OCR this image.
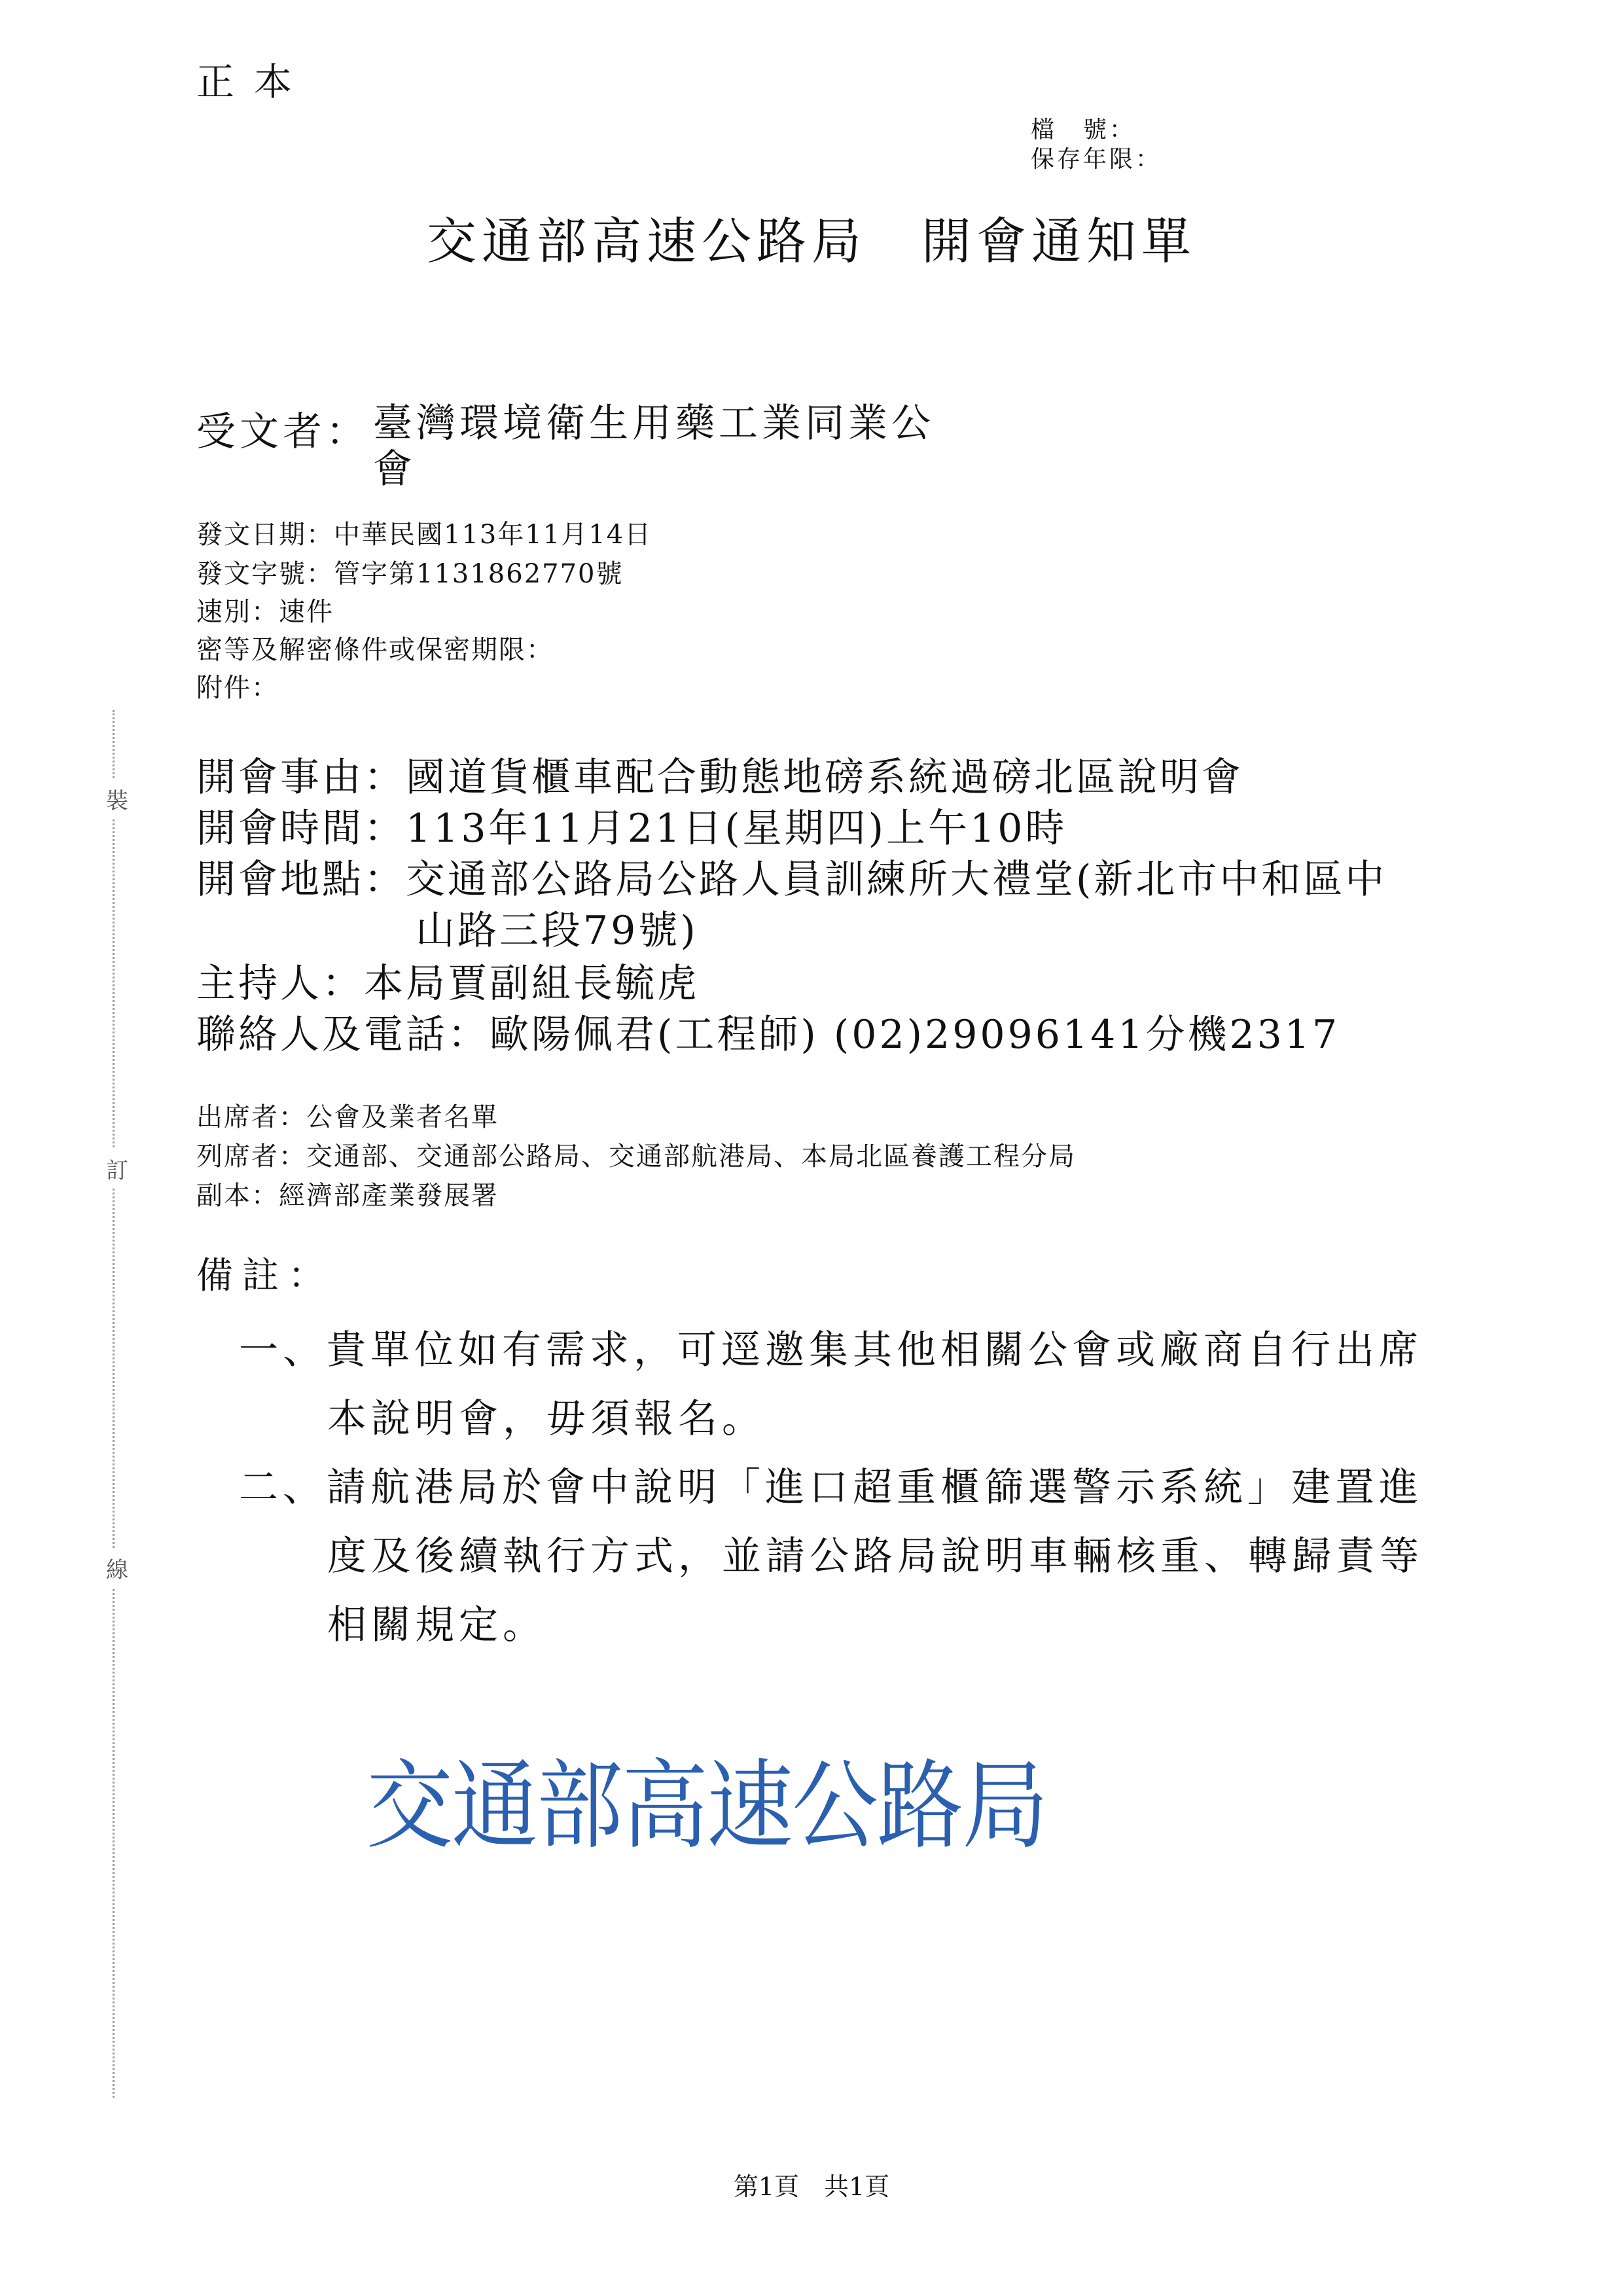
正本
檔　號：
保存年限：
交通部高速公路局　開會通知單
受文者： 臺灣環境衛生用藥工業同業公會
發文日期：中華民國113年11月14日
發文字號：管字第1131862770號
速別：速件
密等及解密條件或保密期限：
附件：
開會事由：國道貨櫃車配合動態地磅系統過磅北區說明會
開會時間：113年11月21日(星期四)上午10時
開會地點：交通部公路局公路人員訓練所大禮堂(新北市中和區中
山路三段79號)
主持人：本局賈副組長毓虎
聯絡人及電話：歐陽佩君(工程師) (02)29096141分機2317
出席者：公會及業者名單
列席者：交通部、交通部公路局、交通部航港局、本局北區養護工程分局
副本：經濟部產業發展署
備註：
一、貴單位如有需求，可逕邀集其他相關公會或廠商自行出席
本說明會，毋須報名。
二、請航港局於會中說明「進口超重櫃篩選警示系統」建置進
度及後續執行方式，並請公路局說明車輛核重、轉歸責等
相關規定。
裝
訂
線
交通部高速公路局
第1頁　共1頁
